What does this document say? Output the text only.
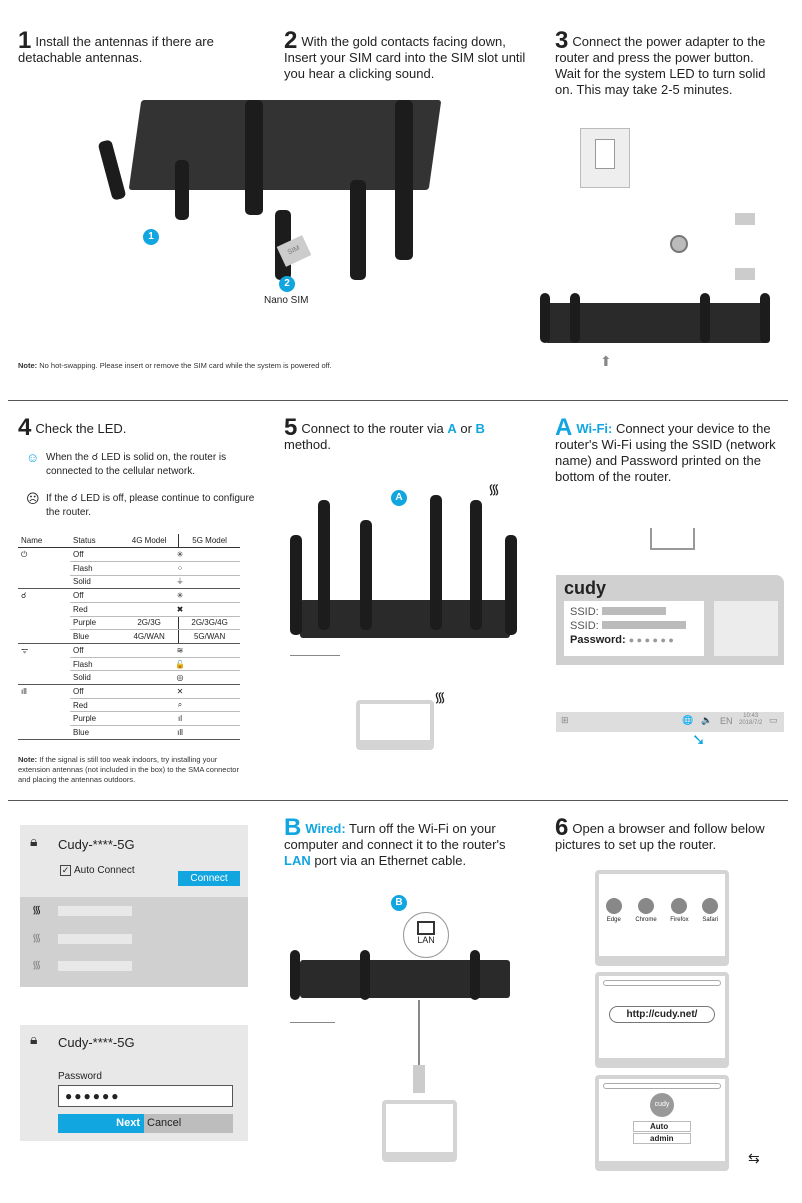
1 Install the antennas if there are detachable antennas.
2 With the gold contacts facing down, Insert your SIM card into the SIM slot until you hear a clicking sound.
3 Connect the power adapter to the router and press the power button. Wait for the system LED to turn solid on. This may take 2-5 minutes.
SIM
1
2
Nano SIM
⬆
Note: No hot-swapping. Please insert or remove the SIM card while the system is powered off.
4 Check the LED.
☺ When the ☌ LED is solid on, the router is connected to the cellular network.
☹ If the ☌ LED is off, please continue to configure the router.
Name	Status	4G Model	5G Model
⏻	Off	✳	
	Flash	⁘	
	Solid	⏚	
☌	Off	✳	
	Red	✖	
	Purple	2G/3G	2G/3G/4G
	Blue	4G/WAN	5G/WAN
ᯤ	Off	≋	
	Flash	🔓	
	Solid	◎	
ıll	Off	✕	
	Red	⌕	
	Purple	ıl	
	Blue	ıll	
Note: If the signal is still too weak indoors, try installing your extension antennas (not included in the box) to the SMA connector and placing the antennas outdoors.
5 Connect to the router via A or B method.
A
᯾
᯾
A Wi-Fi: Connect your device to the router's Wi-Fi using the SSID (network name) and Password printed on the bottom of the router.
cudy
SSID:
SSID:
Password: ● ● ● ● ● ●
⊞	🌐 🔈 EN	10:43
2018/7/2 ▭
➘
🔒︎ Cudy-****-5G
✓ Auto Connect
Connect
᯾
᯾
᯾
🔒︎ Cudy-****-5G
Password
●●●●●●
Next Cancel
B Wired: Turn off the Wi-Fi on your computer and connect it to the router's LAN port via an Ethernet cable.
B
LAN
6 Open a browser and follow below pictures to set up the router.
Edge Chrome Firefox Safari
http://cudy.net/
cudy
Auto
admin
⇆
